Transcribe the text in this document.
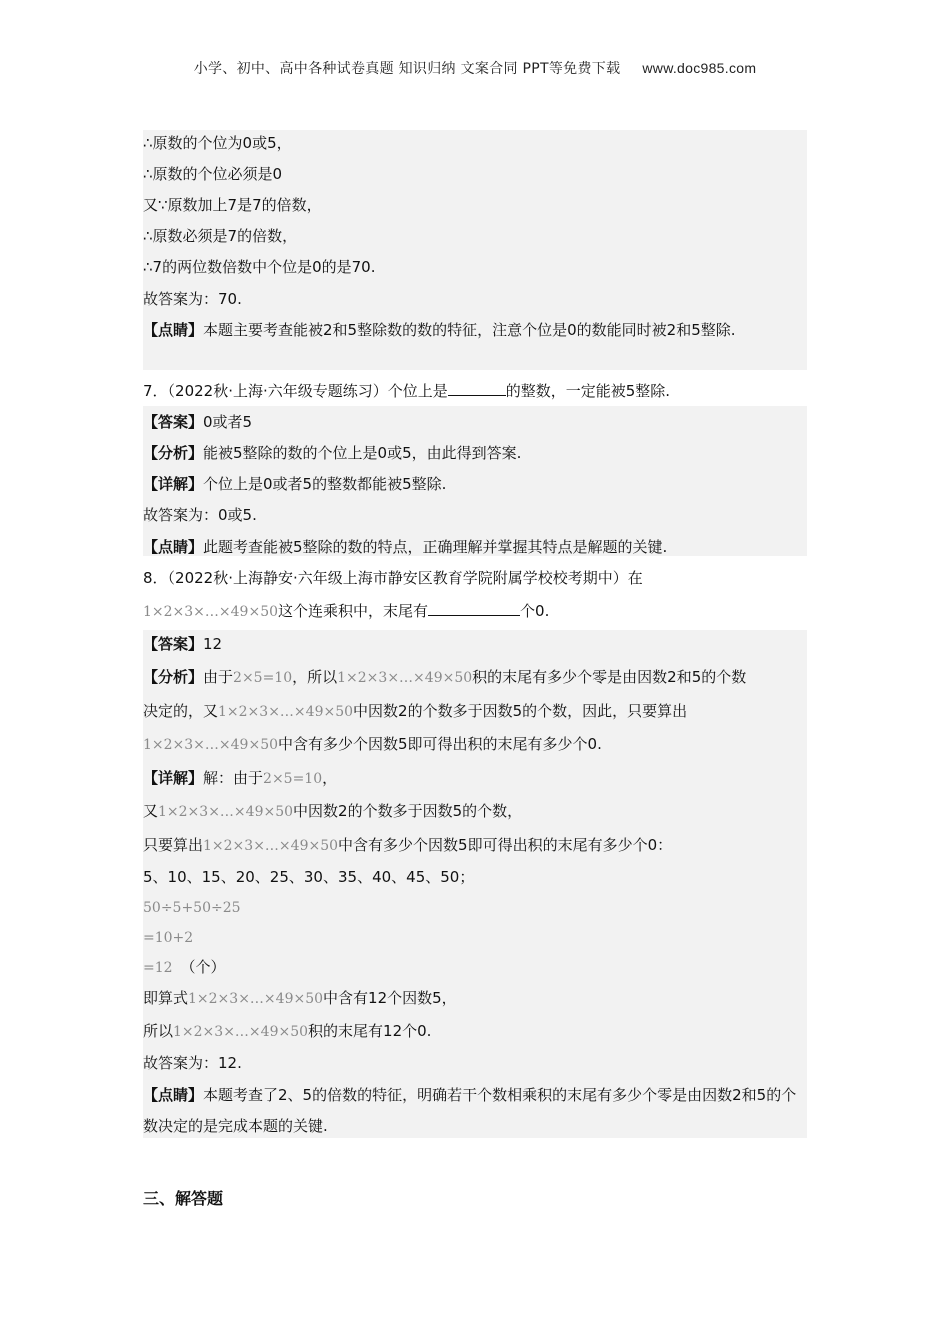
小学、初中、高中各种试卷真题 知识归纳 文案合同 PPT等免费下载 www.doc985.com
∴原数的个位为0或5，
∴原数的个位必须是0
又∵原数加上7是7的倍数，
∴原数必须是7的倍数，
∴7的两位数倍数中个位是0的是70.
故答案为：70.
【点睛】本题主要考查能被2和5整除数的数的特征，注意个位是0的数能同时被2和5整除.
7．（2022秋·上海·六年级专题练习）个位上是	的整数，一定能被5整除.
【答案】0或者5
【分析】能被5整除的数的个位上是0或5，由此得到答案.
【详解】个位上是0或者5的整数都能被5整除.
故答案为：0或5.
【点睛】此题考查能被5整除的数的特点，正确理解并掌握其特点是解题的关键.
8．（2022秋·上海静安·六年级上海市静安区教育学院附属学校校考期中）在
1×2×3×…×49×50这个连乘积中，末尾有	个0.
【答案】12
【分析】由于2×5=10，所以1×2×3×…×49×50积的末尾有多少个零是由因数2和5的个数
决定的，又1×2×3×…×49×50中因数2的个数多于因数5的个数，因此，只要算出
1×2×3×…×49×50中含有多少个因数5即可得出积的末尾有多少个0.
【详解】解：由于2×5=10，
又1×2×3×…×49×50中因数2的个数多于因数5的个数，
只要算出1×2×3×…×49×50中含有多少个因数5即可得出积的末尾有多少个0：
5、10、15、20、25、30、35、40、45、50；
50÷5+50÷25
=10+2
=12 （个）
即算式1×2×3×…×49×50中含有12个因数5，
所以1×2×3×…×49×50积的末尾有12个0.
故答案为：12.
【点睛】本题考查了2、5的倍数的特征，明确若干个数相乘积的末尾有多少个零是由因数2和5的个数决定的是完成本题的关键.
三、解答题
